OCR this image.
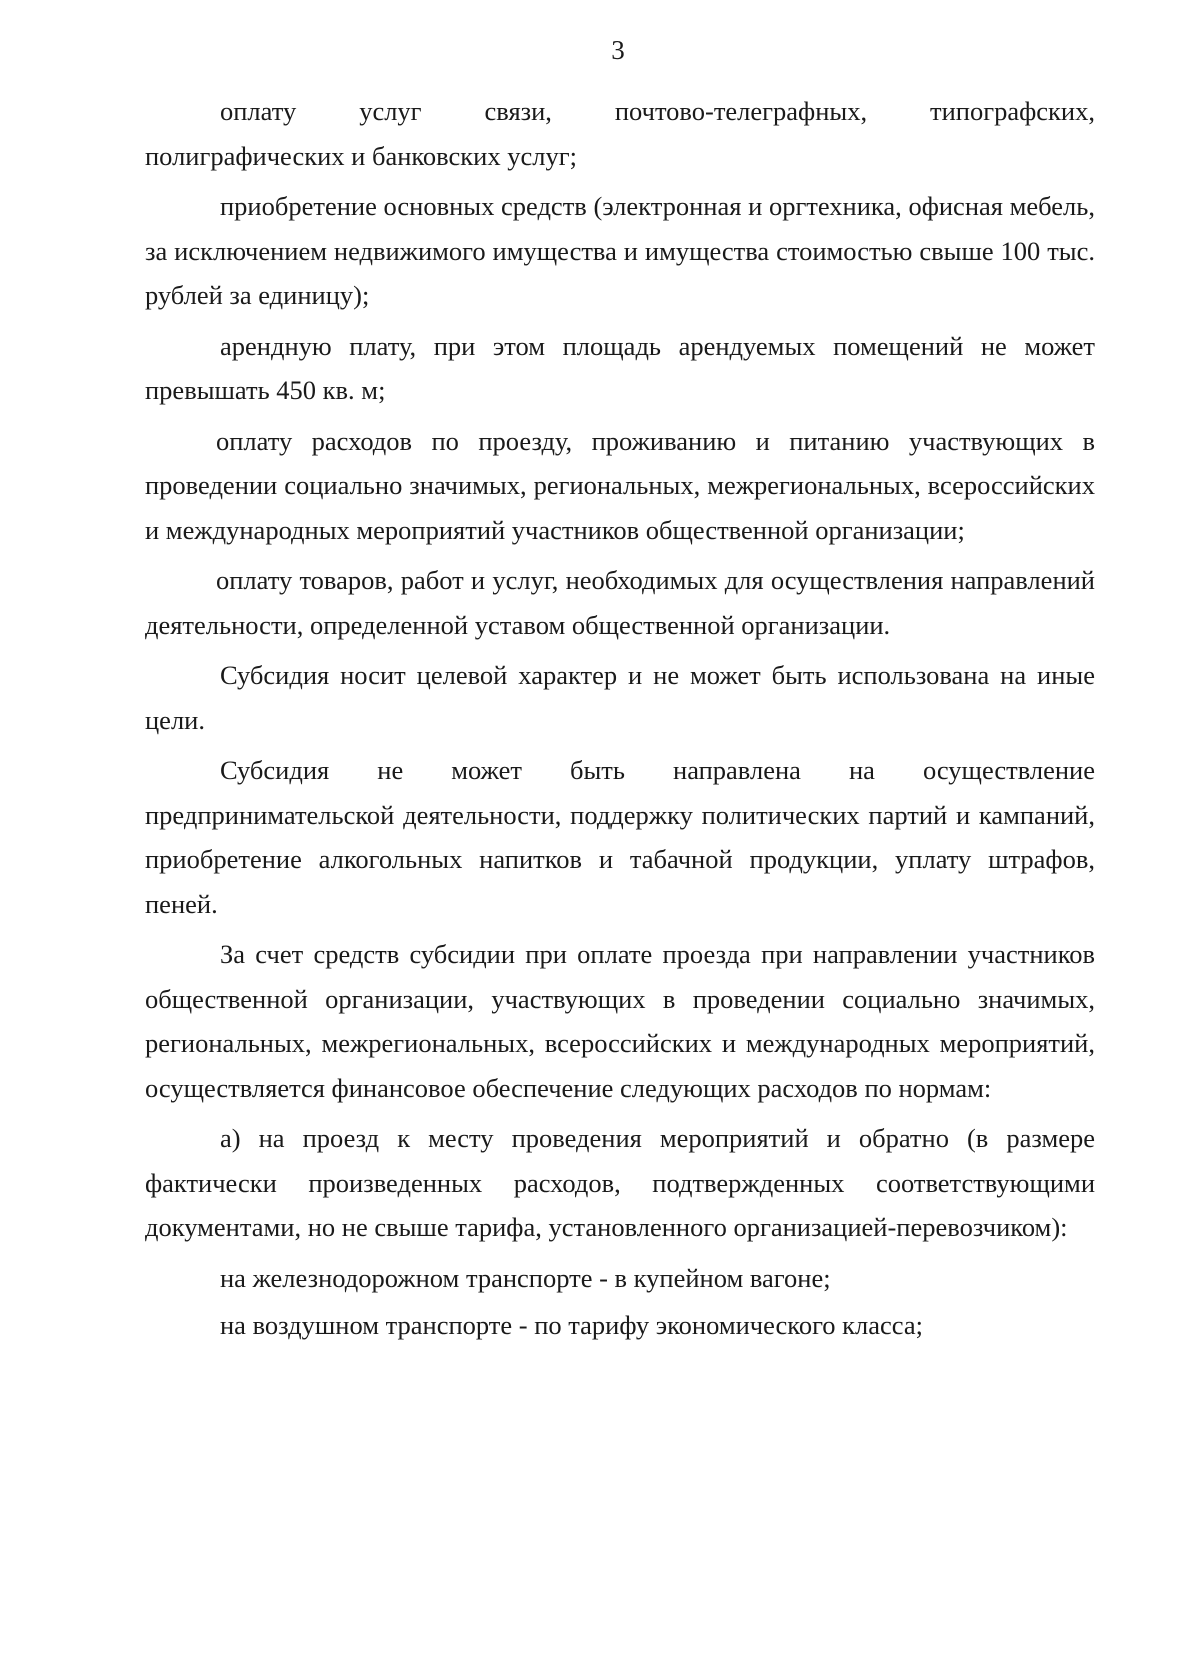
3
оплату услуг связи, почтово-телеграфных, типографских,

полиграфических и банковских услуг;

приобретение основных средств (электронная и оргтехника, офисная мебель, за исключением недвижимого имущества и имущества стоимостью свыше 100 тыс. рублей за единицу);

арендную плату, при этом площадь арендуемых помещений не может превышать 450 кв. м;

оплату расходов по проезду, проживанию и питанию участвующих в проведении социально значимых, региональных, межрегиональных, всероссийских и международных мероприятий участников общественной организации;

оплату товаров, работ и услуг, необходимых для осуществления направлений деятельности, определенной уставом общественной организации.

Субсидия носит целевой характер и не может быть использована на иные цели.

Субсидия не может быть направлена на осуществление предпринимательской деятельности, поддержку политических партий и кампаний, приобретение алкогольных напитков и табачной продукции, уплату штрафов, пеней.

За счет средств субсидии при оплате проезда при направлении участников общественной организации, участвующих в проведении социально значимых, региональных, межрегиональных, всероссийских и международных мероприятий, осуществляется финансовое обеспечение следующих расходов по нормам:

а) на проезд к месту проведения мероприятий и обратно (в размере фактически произведенных расходов, подтвержденных соответствующими документами, но не свыше тарифа, установленного организацией-перевозчиком):

на железнодорожном транспорте - в купейном вагоне;

на воздушном транспорте - по тарифу экономического класса;
